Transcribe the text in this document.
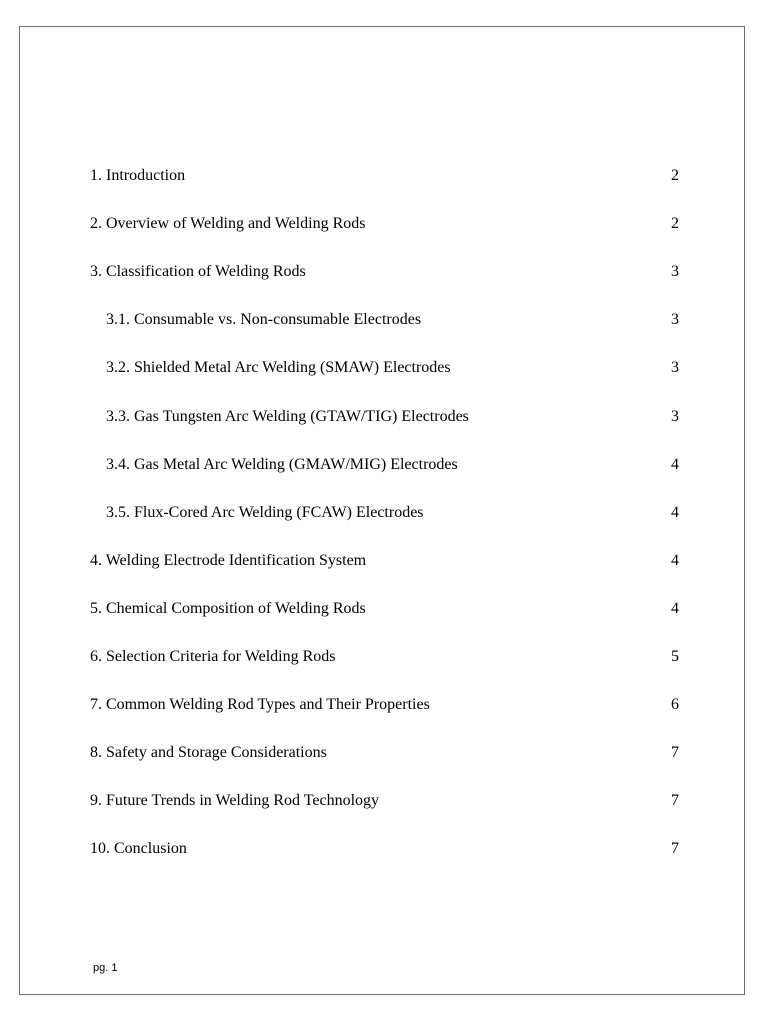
1. Introduction	2
2. Overview of Welding and Welding Rods	2
3. Classification of Welding Rods	3
3.1. Consumable vs. Non-consumable Electrodes	3
3.2. Shielded Metal Arc Welding (SMAW) Electrodes	3
3.3. Gas Tungsten Arc Welding (GTAW/TIG) Electrodes	3
3.4. Gas Metal Arc Welding (GMAW/MIG) Electrodes	4
3.5. Flux-Cored Arc Welding (FCAW) Electrodes	4
4. Welding Electrode Identification System	4
5. Chemical Composition of Welding Rods	4
6. Selection Criteria for Welding Rods	5
7. Common Welding Rod Types and Their Properties	6
8. Safety and Storage Considerations	7
9. Future Trends in Welding Rod Technology	7
10. Conclusion	7
pg. 1
